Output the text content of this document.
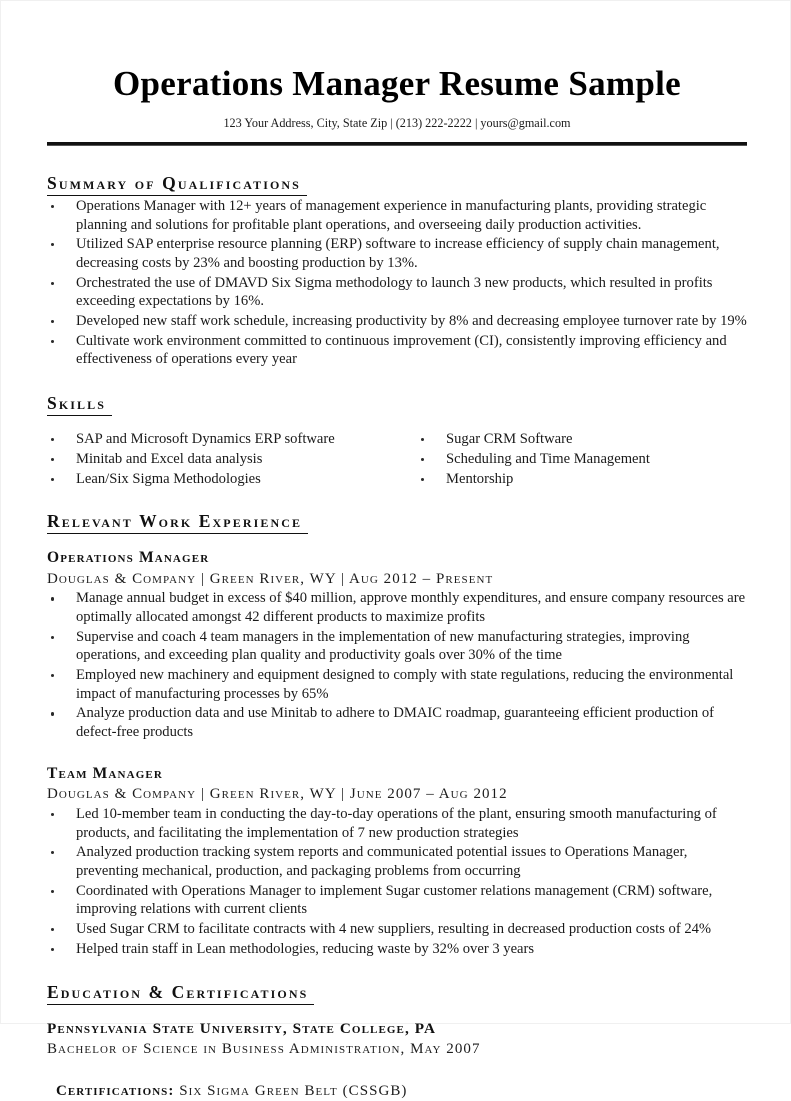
Operations Manager Resume Sample
123 Your Address, City, State Zip | (213) 222-2222 | yours@gmail.com
Summary of Qualifications
Operations Manager with 12+ years of management experience in manufacturing plants, providing strategic planning and solutions for profitable plant operations, and overseeing daily production activities.
Utilized SAP enterprise resource planning (ERP) software to increase efficiency of supply chain management, decreasing costs by 23% and boosting production by 13%.
Orchestrated the use of DMAVD Six Sigma methodology to launch 3 new products, which resulted in profits exceeding expectations by 16%.
Developed new staff work schedule, increasing productivity by 8% and decreasing employee turnover rate by 19%
Cultivate work environment committed to continuous improvement (CI), consistently improving efficiency and effectiveness of operations every year
Skills
SAP and Microsoft Dynamics ERP software
Minitab and Excel data analysis
Lean/Six Sigma Methodologies
Sugar CRM Software
Scheduling and Time Management
Mentorship
Relevant Work Experience
Operations Manager
Douglas & Company | Green River, WY | Aug 2012 – Present
Manage annual budget in excess of $40 million, approve monthly expenditures, and ensure company resources are optimally allocated amongst 42 different products to maximize profits
Supervise and coach 4 team managers in the implementation of new manufacturing strategies, improving operations, and exceeding plan quality and productivity goals over 30% of the time
Employed new machinery and equipment designed to comply with state regulations, reducing the environmental impact of manufacturing processes by 65%
Analyze production data and use Minitab to adhere to DMAIC roadmap, guaranteeing efficient production of defect-free products
Team Manager
Douglas & Company | Green River, WY | June 2007 – Aug 2012
Led 10-member team in conducting the day-to-day operations of the plant, ensuring smooth manufacturing of products, and facilitating the implementation of 7 new production strategies
Analyzed production tracking system reports and communicated potential issues to Operations Manager, preventing mechanical, production, and packaging problems from occurring
Coordinated with Operations Manager to implement Sugar customer relations management (CRM) software, improving relations with current clients
Used Sugar CRM to facilitate contracts with 4 new suppliers, resulting in decreased production costs of 24%
Helped train staff in Lean methodologies, reducing waste by 32% over 3 years
Education & Certifications
Pennsylvania State University, State College, PA
Bachelor of Science in Business Administration, May 2007
Certifications: Six Sigma Green Belt (CSSGB)
